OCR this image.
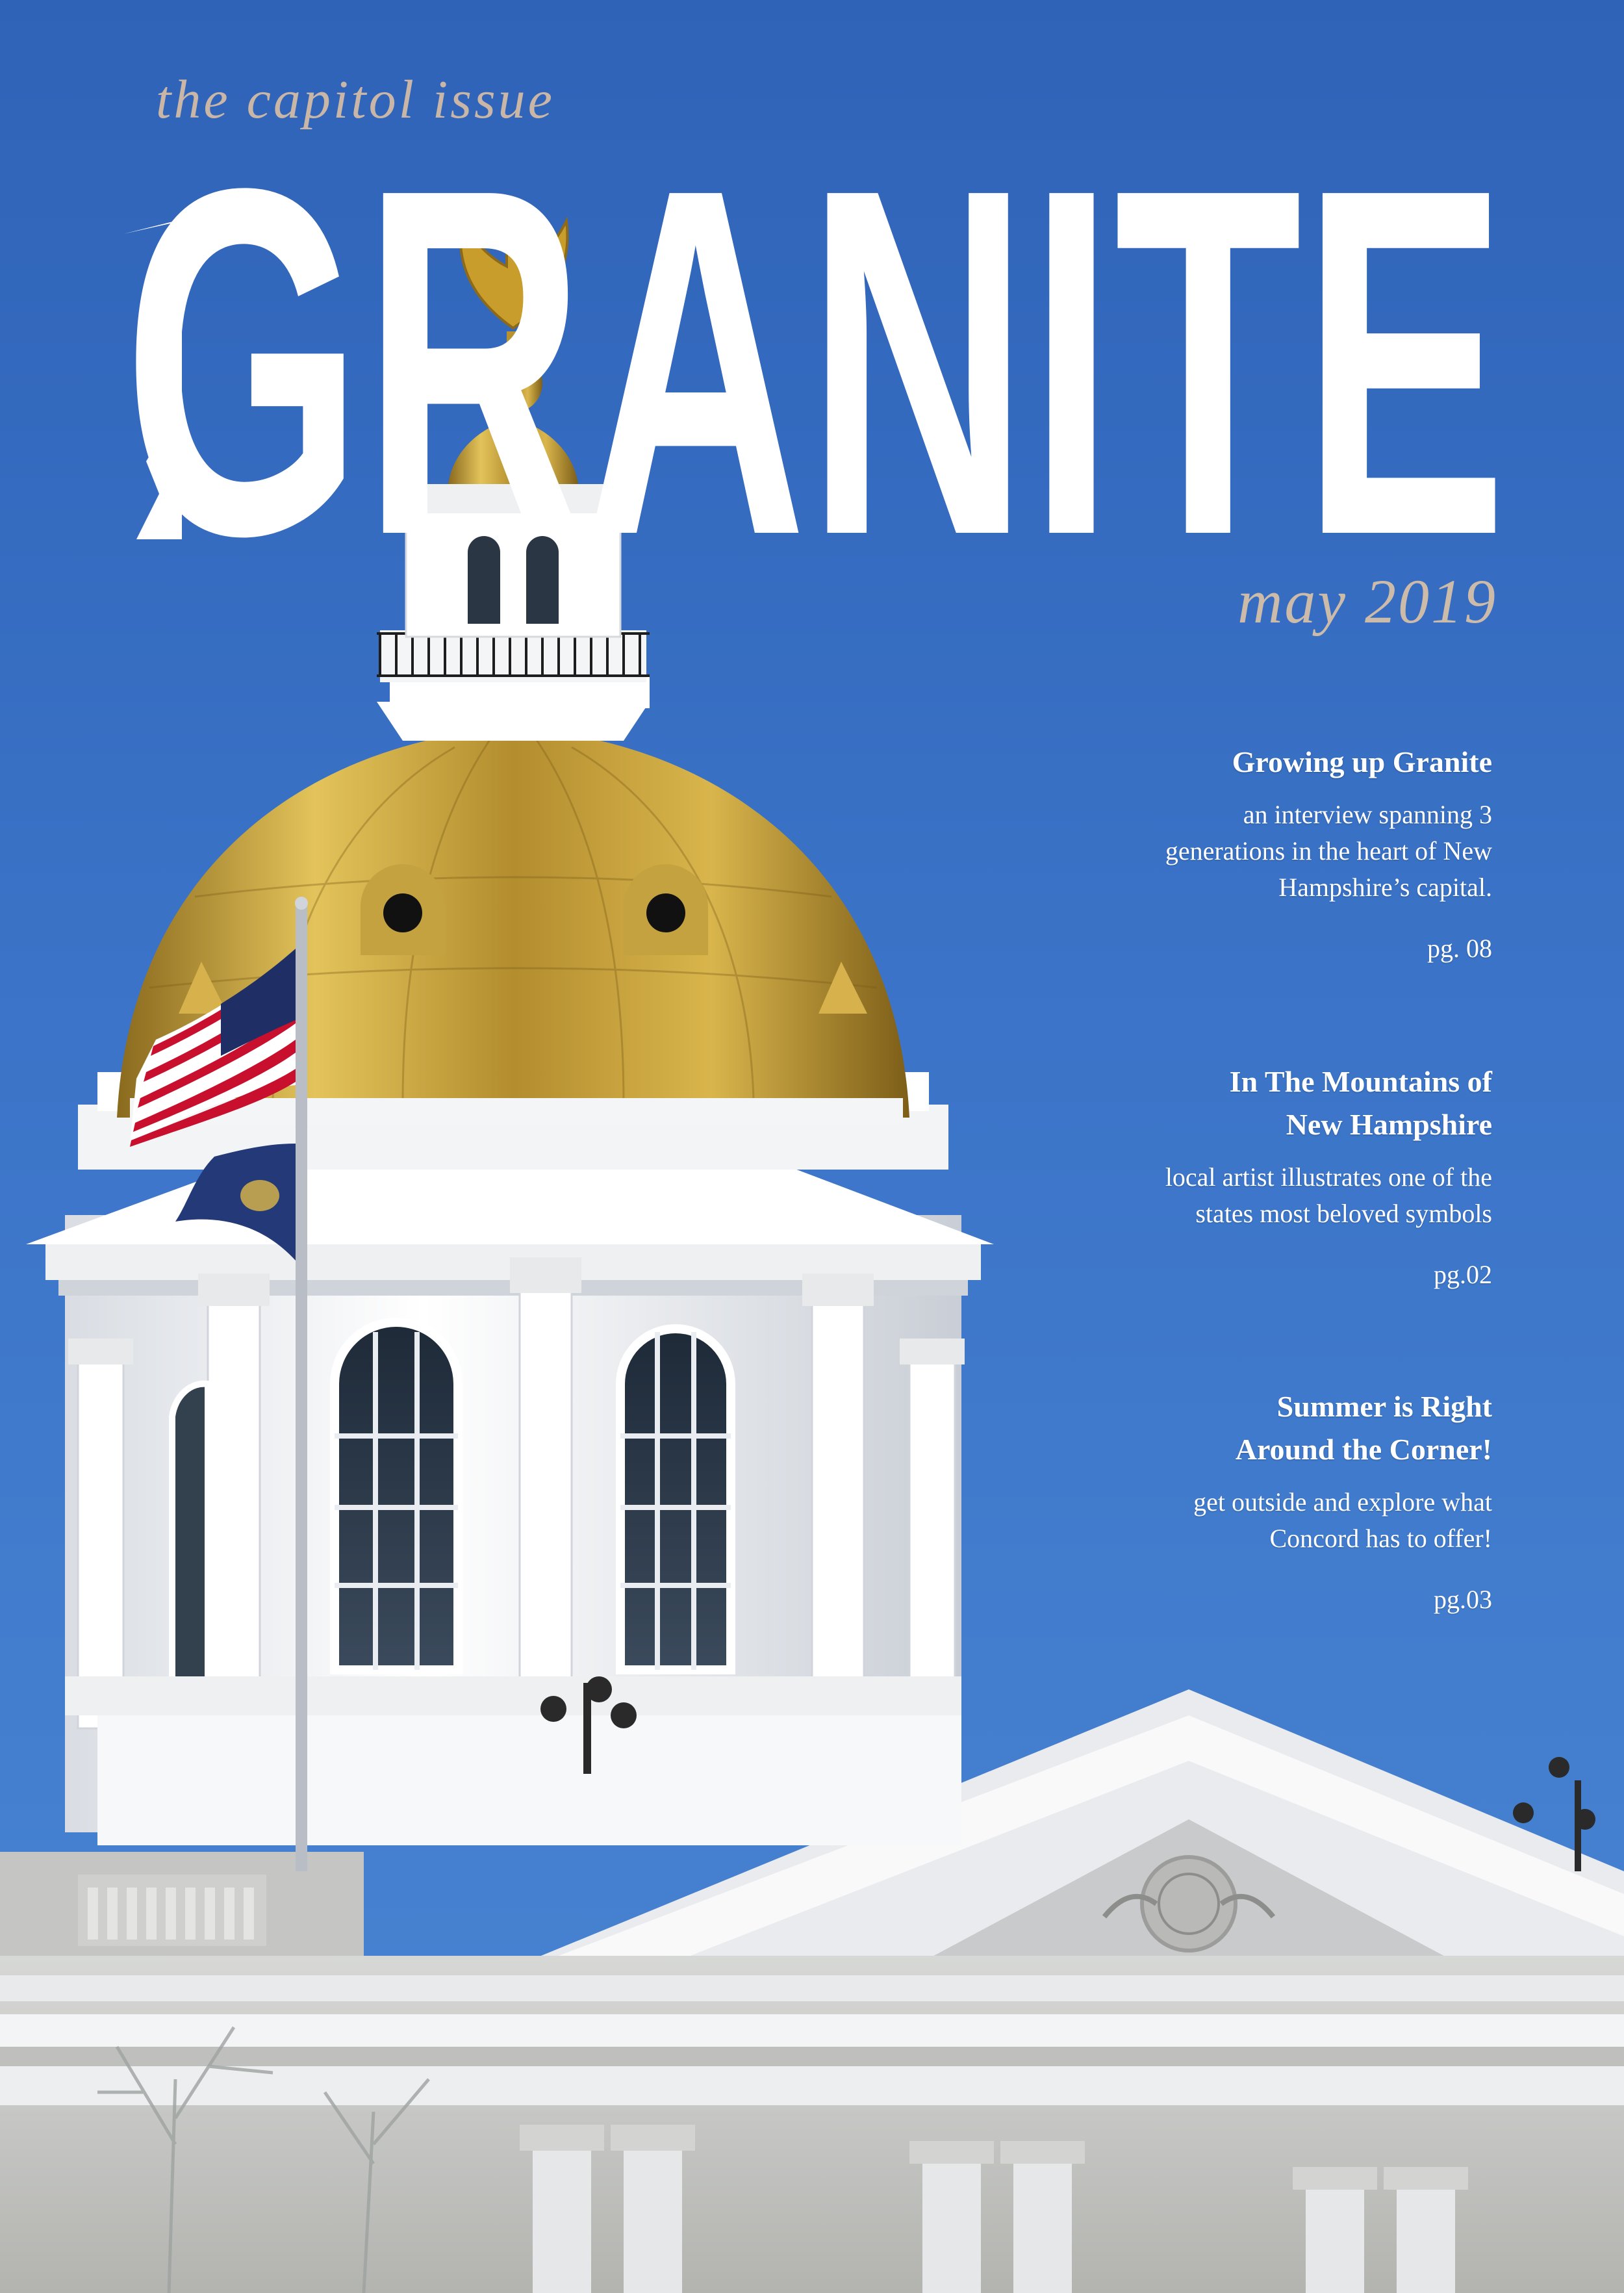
the capitol issue
GRANITE
may 2019

Growing up Granite

an interview spanning 3
generations in the heart of New
Hampshire’s capital.

pg. 08

In The Mountains of
New Hampshire

local artist illustrates one of the
states most beloved symbols

pg.02

Summer is Right
Around the Corner!

get outside and explore what
Concord has to offer!

pg.03
